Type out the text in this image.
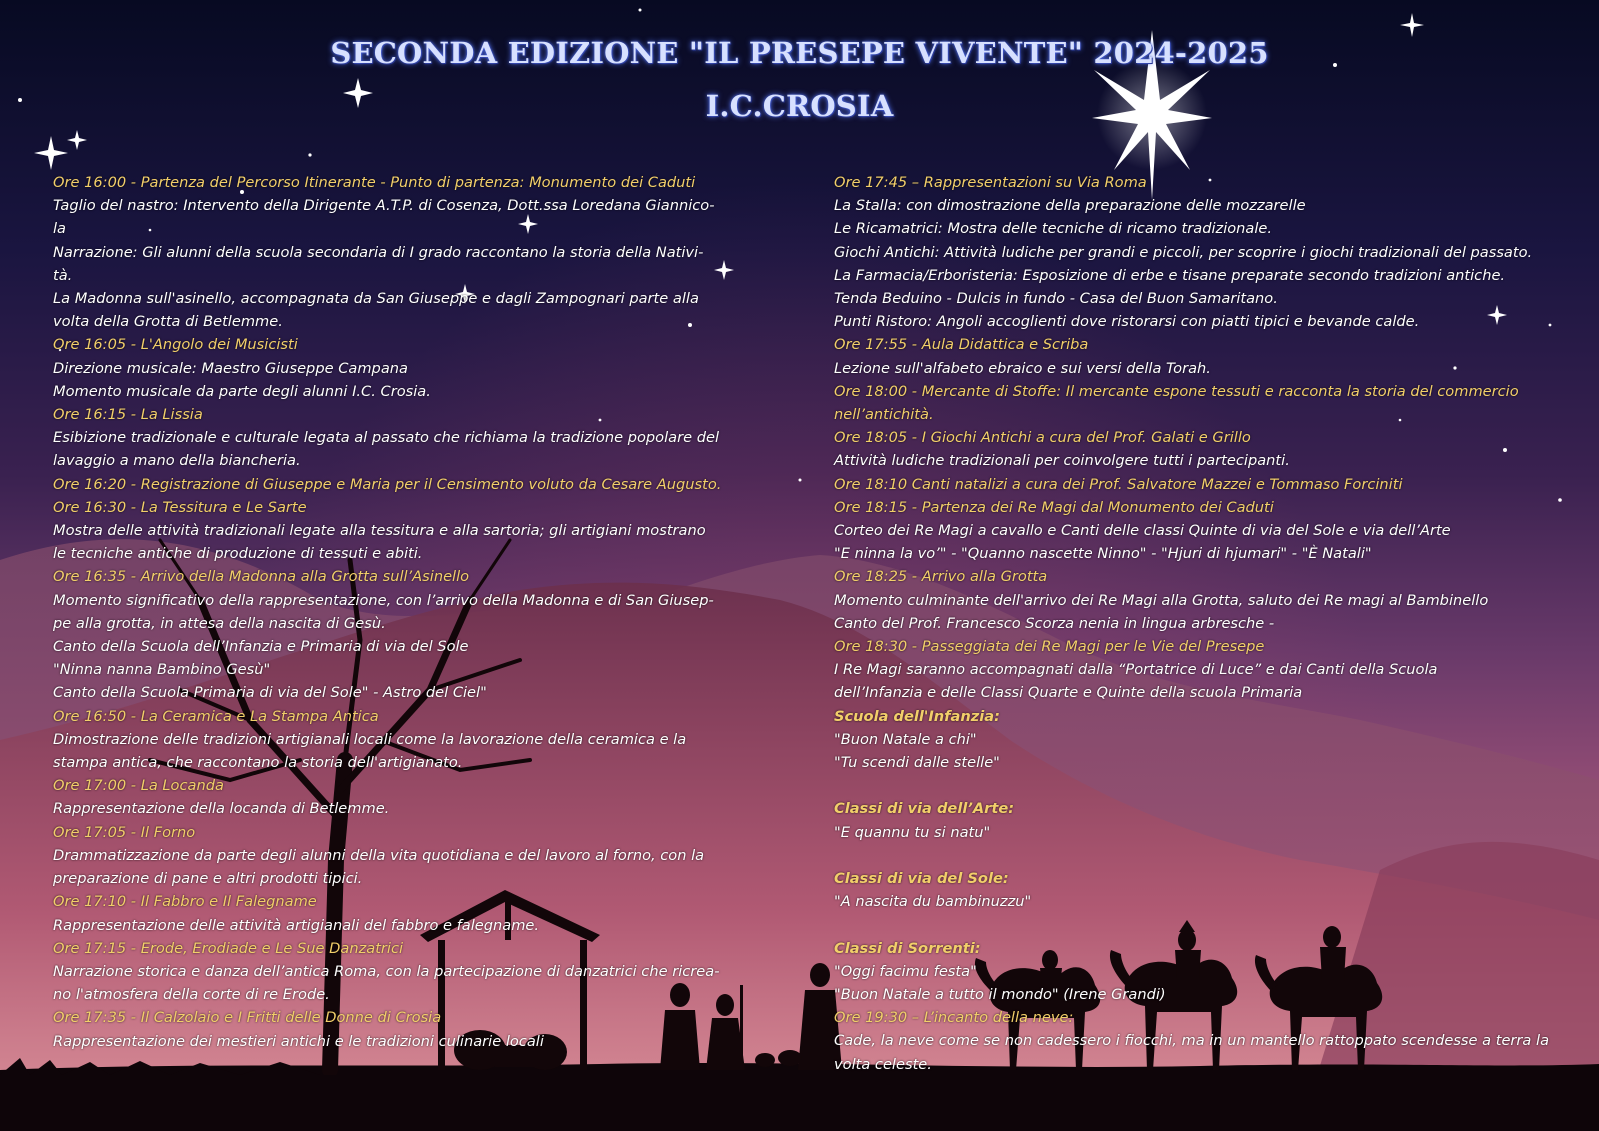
SECONDA EDIZIONE "IL PRESEPE VIVENTE" 2024-2025
I.C.CROSIA
Ore 16:00 - Partenza del Percorso Itinerante - Punto di partenza: Monumento dei Caduti
Taglio del nastro: Intervento della Dirigente A.T.P. di Cosenza, Dott.ssa Loredana Giannico-
la
Narrazione: Gli alunni della scuola secondaria di I grado raccontano la storia della Nativi-
tà.
La Madonna sull'asinello, accompagnata da San Giuseppe e dagli Zampognari parte alla
volta della Grotta di Betlemme.
Ore 16:05 - L'Angolo dei Musicisti
Direzione musicale: Maestro Giuseppe Campana
Momento musicale da parte degli alunni I.C. Crosia.
Ore 16:15 - La Lissia
Esibizione tradizionale e culturale legata al passato che richiama la tradizione popolare del
lavaggio a mano della biancheria.
Ore 16:20 - Registrazione di Giuseppe e Maria per il Censimento voluto da Cesare Augusto.
Ore 16:30 - La Tessitura e Le Sarte
Mostra delle attività tradizionali legate alla tessitura e alla sartoria; gli artigiani mostrano
le tecniche antiche di produzione di tessuti e abiti.
Ore 16:35 - Arrivo della Madonna alla Grotta sull’Asinello
Momento significativo della rappresentazione, con l’arrivo della Madonna e di San Giusep-
pe alla grotta, in attesa della nascita di Gesù.
Canto della Scuola dell’Infanzia e Primaria di via del Sole
"Ninna nanna Bambino Gesù"
Canto della Scuola Primaria di via del Sole" - Astro del Ciel"
Ore 16:50 - La Ceramica e La Stampa Antica
Dimostrazione delle tradizioni artigianali locali come la lavorazione della ceramica e la
stampa antica, che raccontano la storia dell'artigianato.
Ore 17:00 - La Locanda
Rappresentazione della locanda di Betlemme.
Ore 17:05 - Il Forno
Drammatizzazione da parte degli alunni della vita quotidiana e del lavoro al forno, con la
preparazione di pane e altri prodotti tipici.
Ore 17:10 - Il Fabbro e Il Falegname
Rappresentazione delle attività artigianali del fabbro e falegname.
Ore 17:15 - Erode, Erodiade e Le Sue Danzatrici
Narrazione storica e danza dell’antica Roma, con la partecipazione di danzatrici che ricrea-
no l'atmosfera della corte di re Erode.
Ore 17:35 - Il Calzolaio e I Fritti delle Donne di Crosia
Rappresentazione dei mestieri antichi e le tradizioni culinarie locali
Ore 17:45 – Rappresentazioni su Via Roma
La Stalla: con dimostrazione della preparazione delle mozzarelle
Le Ricamatrici: Mostra delle tecniche di ricamo tradizionale.
Giochi Antichi: Attività ludiche per grandi e piccoli, per scoprire i giochi tradizionali del passato.
La Farmacia/Erboristeria: Esposizione di erbe e tisane preparate secondo tradizioni antiche.
Tenda Beduino - Dulcis in fundo - Casa del Buon Samaritano.
Punti Ristoro: Angoli accoglienti dove ristorarsi con piatti tipici e bevande calde.
Ore 17:55 - Aula Didattica e Scriba
Lezione sull'alfabeto ebraico e sui versi della Torah.
Ore 18:00 - Mercante di Stoffe: Il mercante espone tessuti e racconta la storia del commercio
nell’antichità.
Ore 18:05 - I Giochi Antichi a cura del Prof. Galati e Grillo
Attività ludiche tradizionali per coinvolgere tutti i partecipanti.
Ore 18:10 Canti natalizi a cura dei Prof. Salvatore Mazzei e Tommaso Forciniti
Ore 18:15 - Partenza dei Re Magi dal Monumento dei Caduti
Corteo dei Re Magi a cavallo e Canti delle classi Quinte di via del Sole e via dell’Arte
"E ninna la vo’" - "Quanno nascette Ninno" - "Hjuri di hjumari" - "È Natali"
Ore 18:25 - Arrivo alla Grotta
Momento culminante dell'arrivo dei Re Magi alla Grotta, saluto dei Re magi al Bambinello
Canto del Prof. Francesco Scorza nenia in lingua arbresche -
Ore 18:30 - Passeggiata dei Re Magi per le Vie del Presepe
I Re Magi saranno accompagnati dalla “Portatrice di Luce” e dai Canti della Scuola
dell’Infanzia e delle Classi Quarte e Quinte della scuola Primaria
Scuola dell'Infanzia:
"Buon Natale a chi"
"Tu scendi dalle stelle"
Classi di via dell’Arte:
"E quannu tu si natu"
Classi di via del Sole:
"A nascita du bambinuzzu"
Classi di Sorrenti:
"Oggi facimu festa"
"Buon Natale a tutto il mondo" (Irene Grandi)
Ore 19:30 – L’incanto della neve:
Cade, la neve come se non cadessero i fiocchi, ma in un mantello rattoppato scendesse a terra la
volta celeste.
